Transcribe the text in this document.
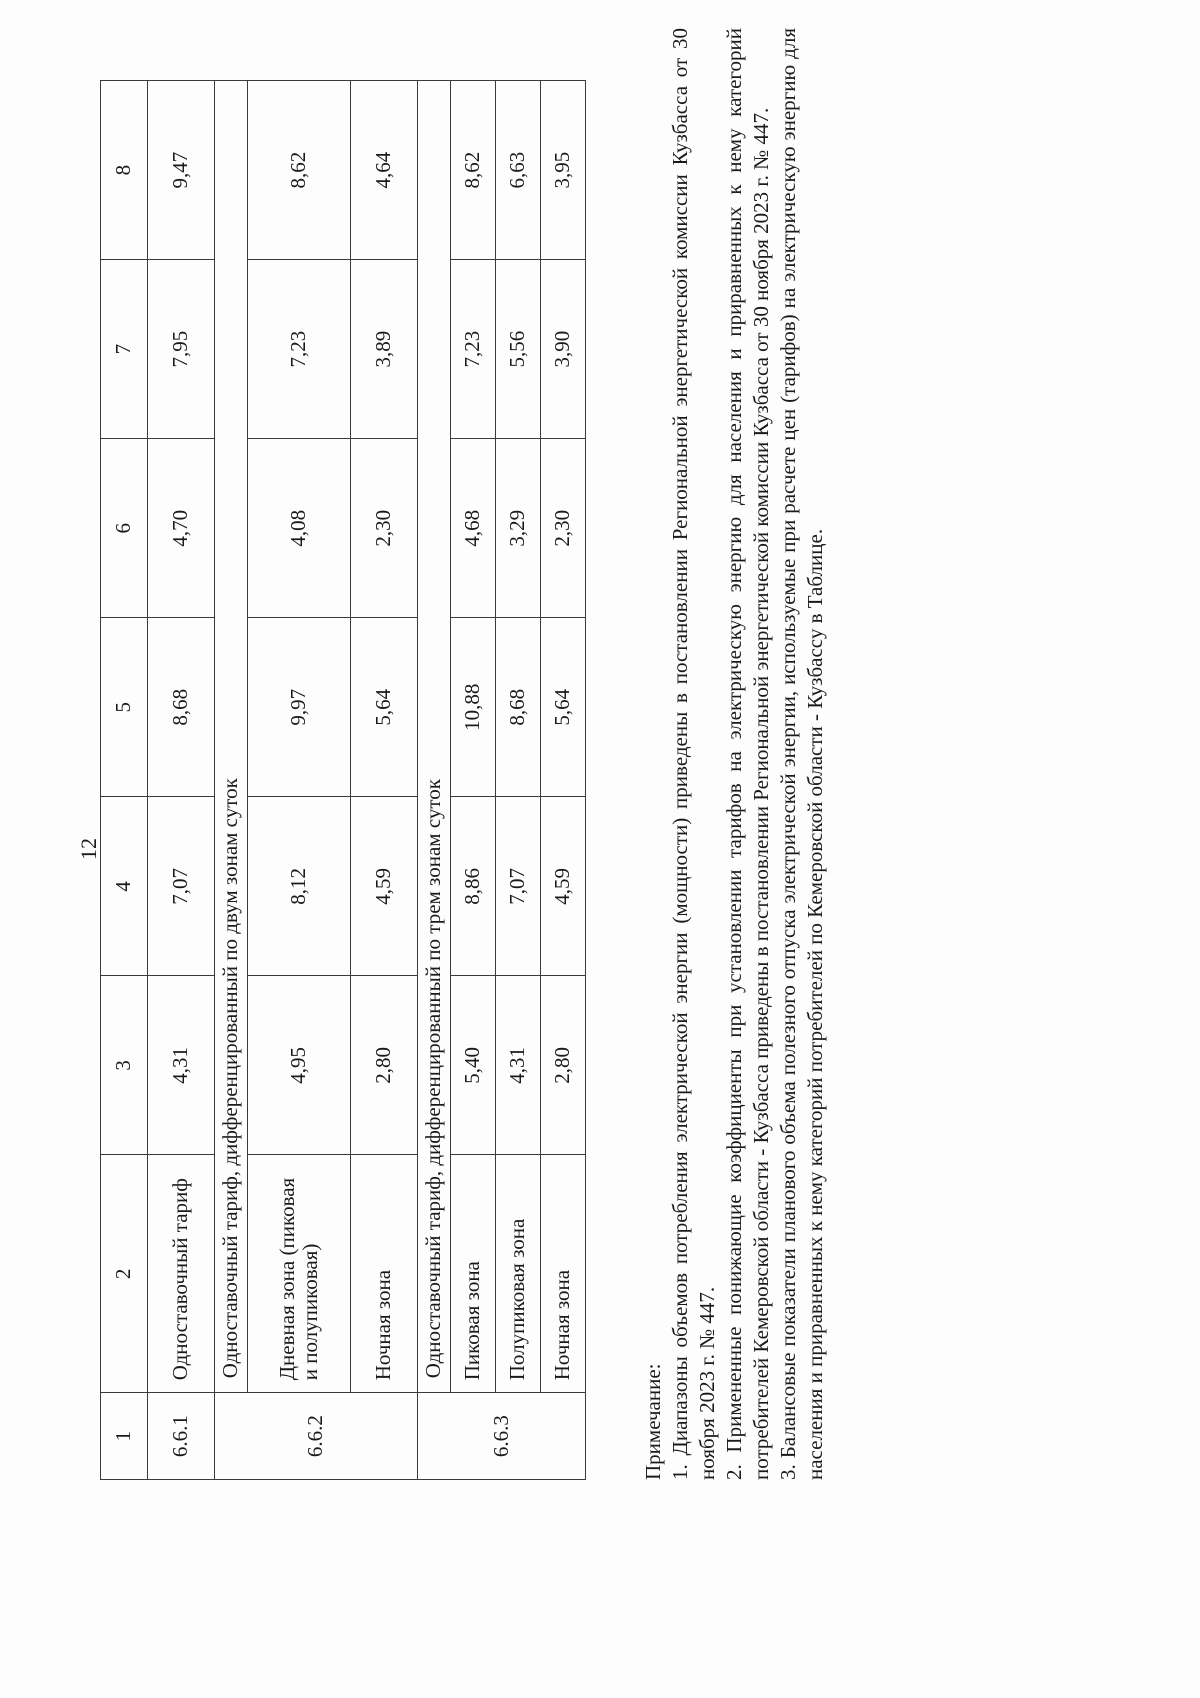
12
1	2	3	4	5	6	7	8
6.6.1	Одноставочный тариф	4,31	7,07	8,68	4,70	7,95	9,47
6.6.2	Одноставочный тариф, дифференцированный по двум зонам суток						
	Дневная зона (пиковая и полупиковая)	4,95	8,12	9,97	4,08	7,23	8,62
	Ночная зона	2,80	4,59	5,64	2,30	3,89	4,64
6.6.3	Одноставочный тариф, дифференцированный по трем зонам суток						
	Пиковая зона	5,40	8,86	10,88	4,68	7,23	8,62
	Полупиковая зона	4,31	7,07	8,68	3,29	5,56	6,63
	Ночная зона	2,80	4,59	5,64	2,30	3,90	3,95

Примечание: 1. Диапазоны объемов потребления электрической энергии (мощности) приведены в постановлении Региональной энергетической комиссии Кузбасса от 30 ноября 2023 г. № 447. 2. Примененные понижающие коэффициенты при установлении тарифов на электрическую энергию для населения и приравненных к нему категорий потребителей Кемеровской области - Кузбасса приведены в постановлении Региональной энергетической комиссии Кузбасса от 30 ноября 2023 г. № 447. 3. Балансовые показатели планового объема полезного отпуска электрической энергии, используемые при расчете цен (тарифов) на электрическую энергию для населения и приравненных к нему категорий потребителей по Кемеровской области - Кузбассу в Таблице.
